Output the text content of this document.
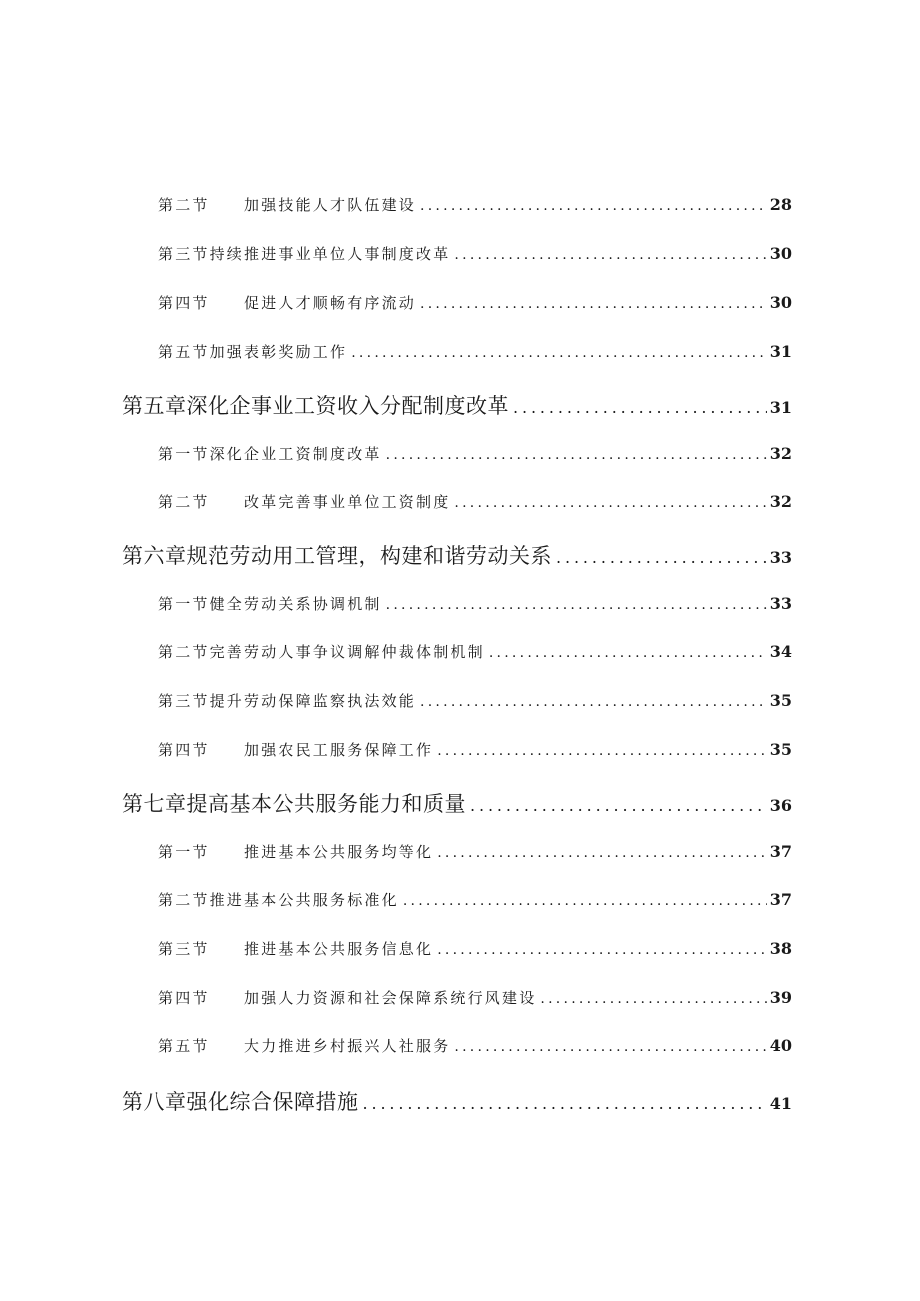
第二节 加强技能人才队伍建设 . . .	28
第三节持续推进事业单位人事制度改革 . . .	30
第四节 促进人才顺畅有序流动 . . .	30
第五节加强表彰奖励工作 . . .	31
第五章深化企事业工资收入分配制度改革 . . .	31
第一节深化企业工资制度改革 . . .	32
第二节 改革完善事业单位工资制度 . . .	32
第六章规范劳动用工管理，构建和谐劳动关系 . . .	33
第一节健全劳动关系协调机制 . . .	33
第二节完善劳动人事争议调解仲裁体制机制 . . .	34
第三节提升劳动保障监察执法效能 . . .	35
第四节 加强农民工服务保障工作 . . .	35
第七章提高基本公共服务能力和质量 . . .	36
第一节 推进基本公共服务均等化 . . .	37
第二节推进基本公共服务标准化 . . .	37
第三节 推进基本公共服务信息化 . . .	38
第四节 加强人力资源和社会保障系统行风建设 . . .	39
第五节 大力推进乡村振兴人社服务 . . .	40
第八章强化综合保障措施 . . .	41
